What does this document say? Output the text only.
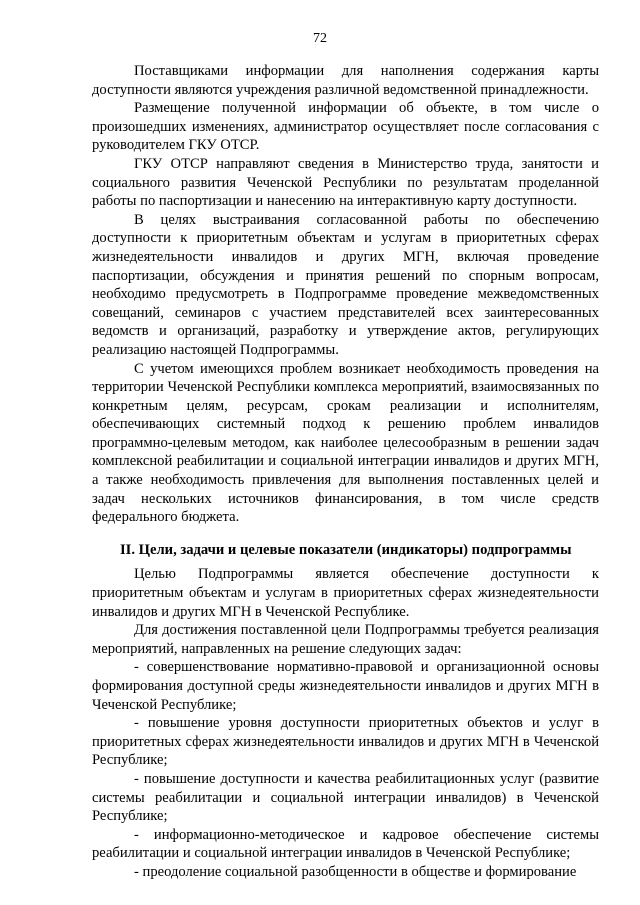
72

Поставщиками информации для наполнения содержания карты доступности являются учреждения различной ведомственной принадлежности.

Размещение полученной информации об объекте, в том числе о произошедших изменениях, администратор осуществляет после согласования с руководителем ГКУ ОТСР.

ГКУ ОТСР направляют сведения в Министерство труда, занятости и социального развития Чеченской Республики по результатам проделанной работы по паспортизации и нанесению на интерактивную карту доступности.

В целях выстраивания согласованной работы по обеспечению доступности к приоритетным объектам и услугам в приоритетных сферах жизнедеятельности инвалидов и других МГН, включая проведение паспортизации, обсуждения и принятия решений по спорным вопросам, необходимо предусмотреть в Подпрограмме проведение межведомственных совещаний, семинаров с участием представителей всех заинтересованных ведомств и организаций, разработку и утверждение актов, регулирующих реализацию настоящей Подпрограммы.

С учетом имеющихся проблем возникает необходимость проведения на территории Чеченской Республики комплекса мероприятий, взаимосвязанных по конкретным целям, ресурсам, срокам реализации и исполнителям, обеспечивающих системный подход к решению проблем инвалидов программно-целевым методом, как наиболее целесообразным в решении задач комплексной реабилитации и социальной интеграции инвалидов и других МГН, а также необходимость привлечения для выполнения поставленных целей и задач нескольких источников финансирования, в том числе средств федерального бюджета.

II. Цели, задачи и целевые показатели (индикаторы) подпрограммы

Целью Подпрограммы является обеспечение доступности к приоритетным объектам и услугам в приоритетных сферах жизнедеятельности инвалидов и других МГН в Чеченской Республике.

Для достижения поставленной цели Подпрограммы требуется реализация мероприятий, направленных на решение следующих задач:

- совершенствование нормативно-правовой и организационной основы формирования доступной среды жизнедеятельности инвалидов и других МГН в Чеченской Республике;

- повышение уровня доступности приоритетных объектов и услуг в приоритетных сферах жизнедеятельности инвалидов и других МГН в Чеченской Республике;

- повышение доступности и качества реабилитационных услуг (развитие системы реабилитации и социальной интеграции инвалидов) в Чеченской Республике;

- информационно-методическое и кадровое обеспечение системы реабилитации и социальной интеграции инвалидов в Чеченской Республике;

- преодоление социальной разобщенности в обществе и формирование
